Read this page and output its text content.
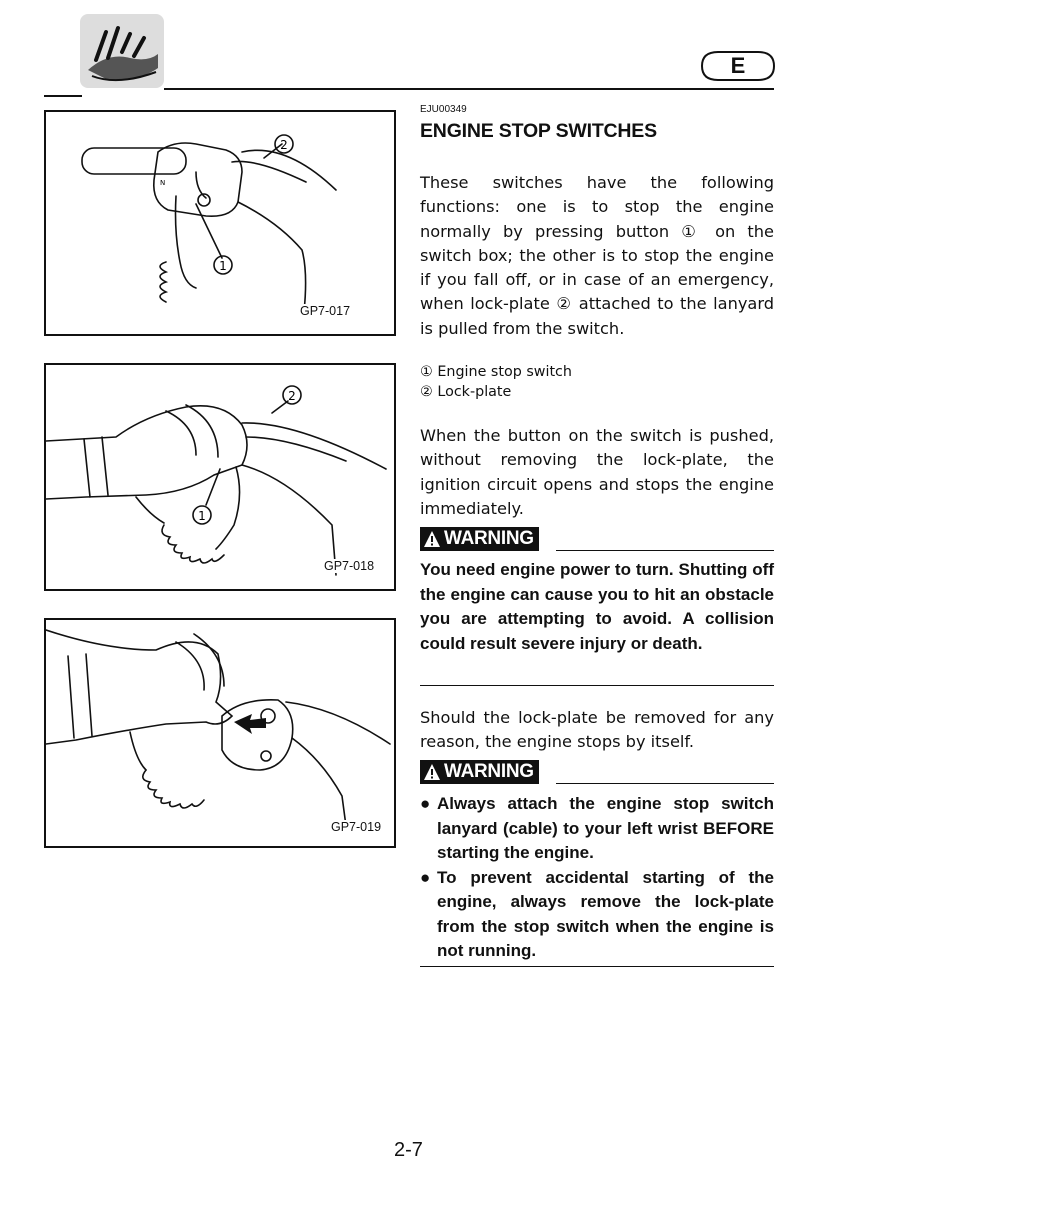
E
2
1
N
GP7-017
2
1
GP7-018
GP7-019
EJU00349
ENGINE STOP SWITCHES
These switches have the following functions: one is to stop the engine normally by pressing button ① on the switch box; the other is to stop the engine if you fall off, or in case of an emergency, when lock-plate ② attached to the lanyard is pulled from the switch.
① Engine stop switch
② Lock-plate
When the button on the switch is pushed, without removing the lock-plate, the ignition circuit opens and stops the engine immediately.
WARNING
You need engine power to turn. Shutting off the engine can cause you to hit an obstacle you are attempting to avoid. A collision could result severe injury or death.
Should the lock-plate be removed for any reason, the engine stops by itself.
WARNING
● Always attach the engine stop switch lanyard (cable) to your left wrist BEFORE starting the engine.
● To prevent accidental starting of the engine, always remove the lock-plate from the stop switch when the engine is not running.
2-7
